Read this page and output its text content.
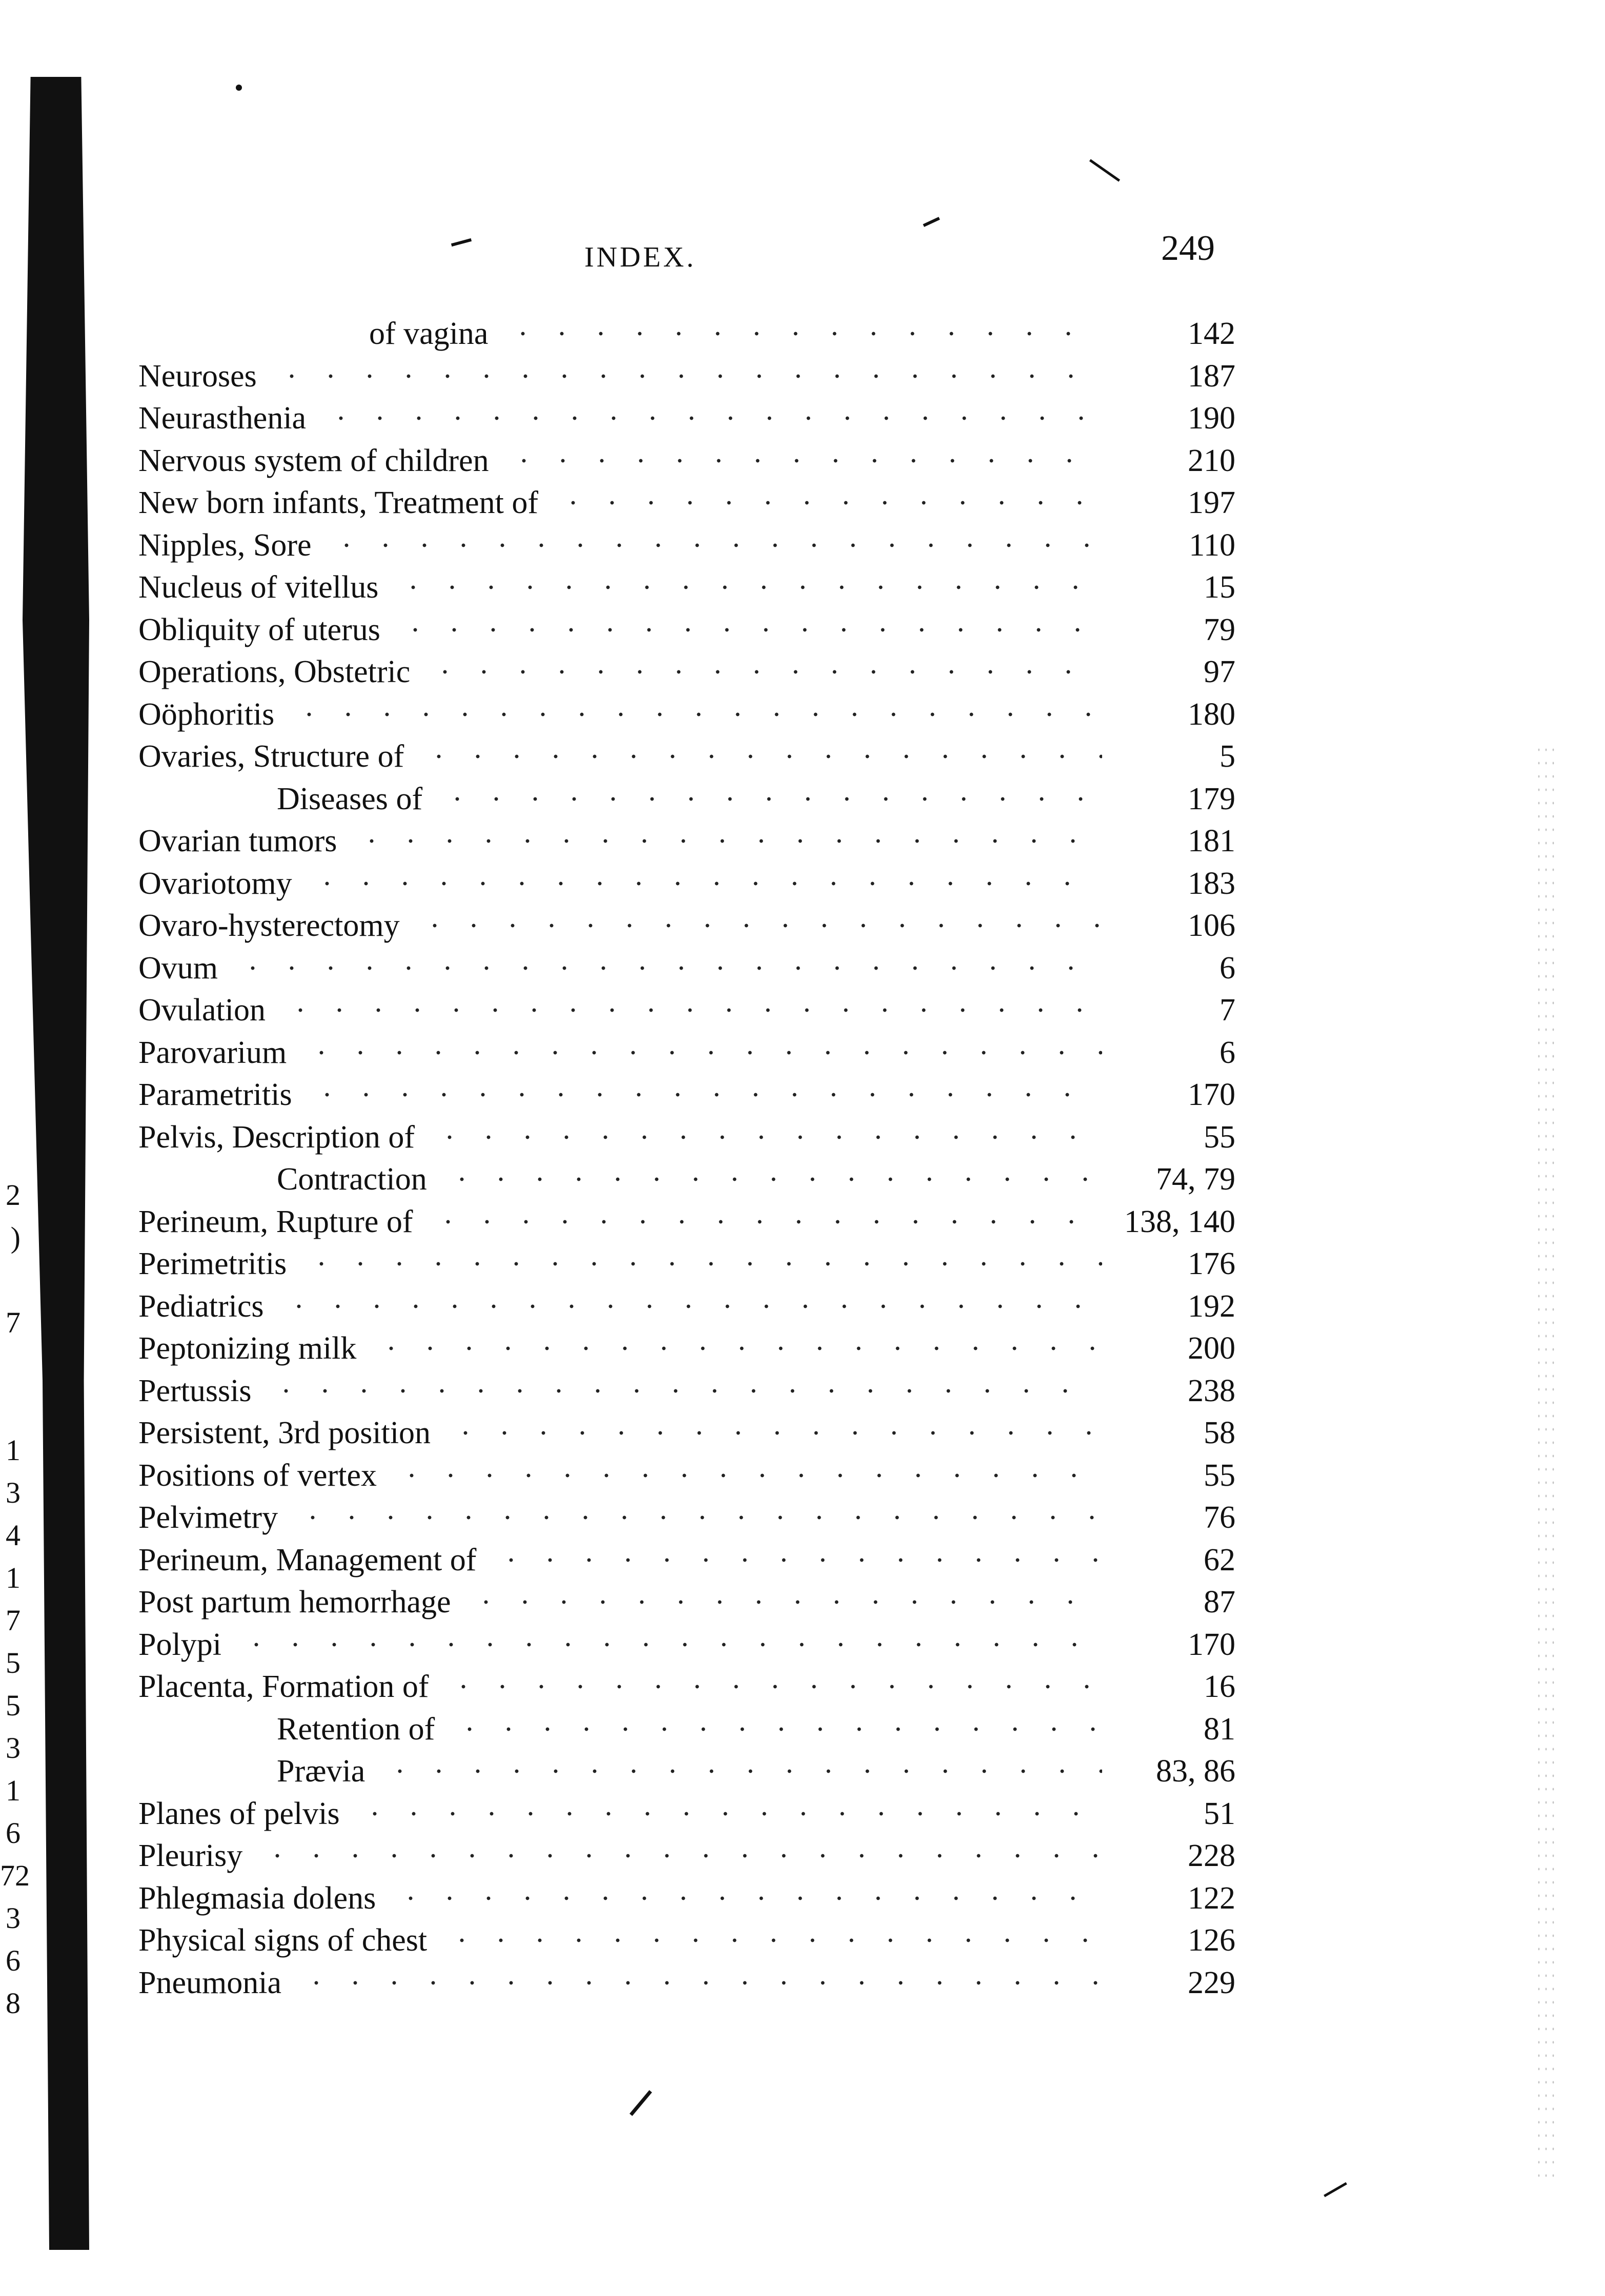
INDEX.	249
of vagina	142
Neuroses	187
Neurasthenia	190
Nervous system of children	210
New born infants, Treatment of	197
Nipples, Sore	110
Nucleus of vitellus	15
Obliquity of uterus	79
Operations, Obstetric	97
Oöphoritis	180
Ovaries, Structure of	5
Diseases of	179
Ovarian tumors	181
Ovariotomy	183
Ovaro-hysterectomy	106
Ovum	6
Ovulation	7
Parovarium	6
Parametritis	170
Pelvis, Description of	55
Contraction	74, 79
Perineum, Rupture of	138, 140
Perimetritis	176
Pediatrics	192
Peptonizing milk	200
Pertussis	238
Persistent, 3rd position	58
Positions of vertex	55
Pelvimetry	76
Perineum, Management of	62
Post partum hemorrhage	87
Polypi	170
Placenta, Formation of	16
Retention of	81
Prævia	83, 86
Planes of pelvis	51
Pleurisy	228
Phlegmasia dolens	122
Physical signs of chest	126
Pneumonia	229
2
)
7
1
3
4
1
7
5
5
3
1
6
72
3
6
8
